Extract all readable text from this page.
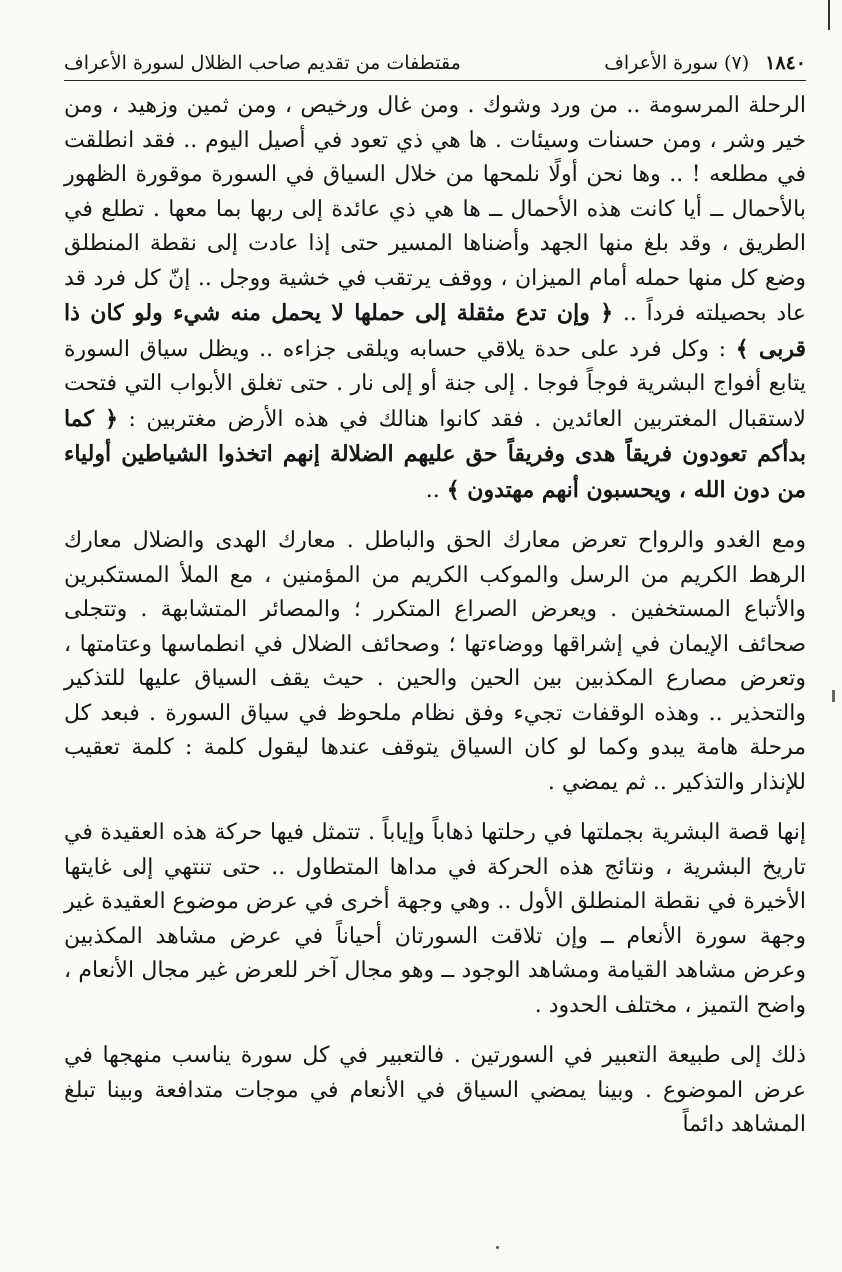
١٨٤٠ (٧) سورة الأعراف
مقتطفات من تقديم صاحب الظلال لسورة الأعراف

الرحلة المرسومة .. من ورد وشوك . ومن غال ورخيص ، ومن ثمين وزهيد ، ومن خير وشر ، ومن حسنات وسيئات . ها هي ذي تعود في أصيل اليوم .. فقد انطلقت في مطلعه ! .. وها نحن أولًا نلمحها من خلال السياق في السورة موقورة الظهور بالأحمال ــ أيا كانت هذه الأحمال ــ ها هي ذي عائدة إلى ربها بما معها . تطلع في الطريق ، وقد بلغ منها الجهد وأضناها المسير حتى إذا عادت إلى نقطة المنطلق وضع كل منها حمله أمام الميزان ، ووقف يرتقب في خشية ووجل .. إنّ كل فرد قد عاد بحصيلته فرداً .. ﴿ وإن تدع مثقلة إلى حملها لا يحمل منه شيء ولو كان ذا قربى ﴾ : وكل فرد على حدة يلاقي حسابه ويلقى جزاءه .. ويظل سياق السورة يتابع أفواج البشرية فوجاً فوجا . إلى جنة أو إلى نار . حتى تغلق الأبواب التي فتحت لاستقبال المغتربين العائدين . فقد كانوا هنالك في هذه الأرض مغتربين : ﴿ كما بدأكم تعودون فريقاً هدى وفريقاً حق عليهم الضلالة إنهم اتخذوا الشياطين أولياء من دون الله ، ويحسبون أنهم مهتدون ﴾ ..

ومع الغدو والرواح تعرض معارك الحق والباطل . معارك الهدى والضلال معارك الرهط الكريم من الرسل والموكب الكريم من المؤمنين ، مع الملأ المستكبرين والأتباع المستخفين . ويعرض الصراع المتكرر ؛ والمصائر المتشابهة . وتتجلى صحائف الإيمان في إشراقها ووضاءتها ؛ وصحائف الضلال في انطماسها وعتامتها ، وتعرض مصارع المكذبين بين الحين والحين . حيث يقف السياق عليها للتذكير والتحذير .. وهذه الوقفات تجيء وفق نظام ملحوظ في سياق السورة . فبعد كل مرحلة هامة يبدو وكما لو كان السياق يتوقف عندها ليقول كلمة : كلمة تعقيب للإنذار والتذكير .. ثم يمضي .

إنها قصة البشرية بجملتها في رحلتها ذهاباً وإياباً . تتمثل فيها حركة هذه العقيدة في تاريخ البشرية ، ونتائج هذه الحركة في مداها المتطاول .. حتى تنتهي إلى غايتها الأخيرة في نقطة المنطلق الأول .. وهي وجهة أخرى في عرض موضوع العقيدة غير وجهة سورة الأنعام ــ وإن تلاقت السورتان أحياناً في عرض مشاهد المكذبين وعرض مشاهد القيامة ومشاهد الوجود ــ وهو مجال آخر للعرض غير مجال الأنعام ، واضح التميز ، مختلف الحدود .

ذلك إلى طبيعة التعبير في السورتين . فالتعبير في كل سورة يناسب منهجها في عرض الموضوع . وبينا يمضي السياق في الأنعام في موجات متدافعة وبينا تبلغ المشاهد دائماً
